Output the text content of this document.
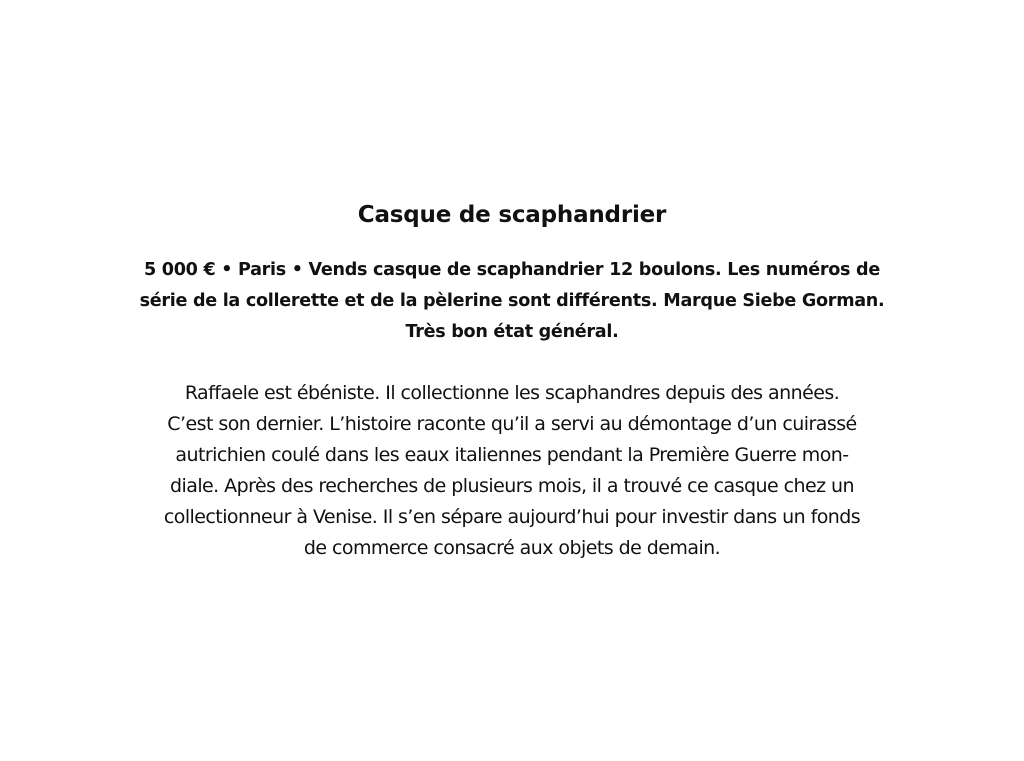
Casque de scaphandrier

5 000 € • Paris • Vends casque de scaphandrier 12 boulons. Les numéros de
série de la collerette et de la pèlerine sont différents. Marque Siebe Gorman.
Très bon état général.

Raffaele est ébéniste. Il collectionne les scaphandres depuis des années.
C’est son dernier. L’histoire raconte qu’il a servi au démontage d’un cuirassé
autrichien coulé dans les eaux italiennes pendant la Première Guerre mon-
diale. Après des recherches de plusieurs mois, il a trouvé ce casque chez un
collectionneur à Venise. Il s’en sépare aujourd’hui pour investir dans un fonds
de commerce consacré aux objets de demain.
